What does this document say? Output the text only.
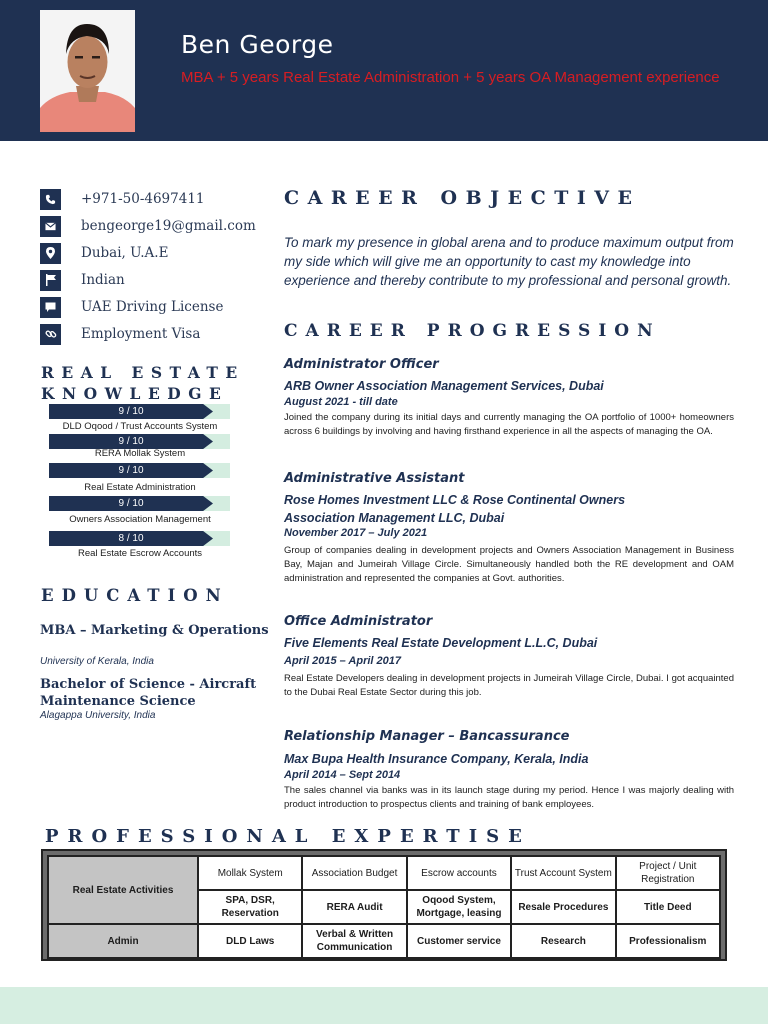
Ben George
MBA + 5 years Real Estate Administration + 5 years OA Management experience
+971-50-4697411
bengeorge19@gmail.com
Dubai, U.A.E
Indian
UAE Driving License
Employment Visa
REAL ESTATE
KNOWLEDGE
9 / 10
DLD Oqood / Trust Accounts System
9 / 10
RERA Mollak System
9 / 10
Real Estate Administration
9 / 10
Owners Association Management
8 / 10
Real Estate Escrow Accounts
EDUCATION
MBA – Marketing & Operations
University of Kerala, India
Bachelor of Science - Aircraft Maintenance Science
Alagappa University, India
CAREER OBJECTIVE
To mark my presence in global arena and to produce maximum output from my side which will give me an opportunity to cast my knowledge into experience and thereby contribute to my professional and personal growth.
CAREER PROGRESSION
Administrator Officer
ARB Owner Association Management Services, Dubai
August 2021 - till date
Joined the company during its initial days and currently managing the OA portfolio of 1000+ homeowners across 6 buildings by involving and having firsthand experience in all the aspects of managing the OA.
Administrative Assistant
Rose Homes Investment LLC & Rose Continental Owners Association Management LLC, Dubai
November 2017 – July 2021
Group of companies dealing in development projects and Owners Association Management in Business Bay, Majan and Jumeirah Village Circle. Simultaneously handled both the RE development and OAM administration and represented the companies at Govt. authorities.
Office Administrator
Five Elements Real Estate Development L.L.C, Dubai
April 2015 – April 2017
Real Estate Developers dealing in development projects in Jumeirah Village Circle, Dubai. I got acquainted to the Dubai Real Estate Sector during this job.
Relationship Manager – Bancassurance
Max Bupa Health Insurance Company, Kerala, India
April 2014 – Sept 2014
The sales channel via banks was in its launch stage during my period. Hence I was majorly dealing with product introduction to prospectus clients and training of bank employees.
PROFESSIONAL EXPERTISE
Real Estate Activities	Mollak System	Association Budget	Escrow accounts	Trust Account System	Project / Unit Registration
	SPA, DSR, Reservation	RERA Audit	Oqood System, Mortgage, leasing	Resale Procedures	Title Deed
Admin	DLD Laws	Verbal & Written Communication	Customer service	Research	Professionalism
